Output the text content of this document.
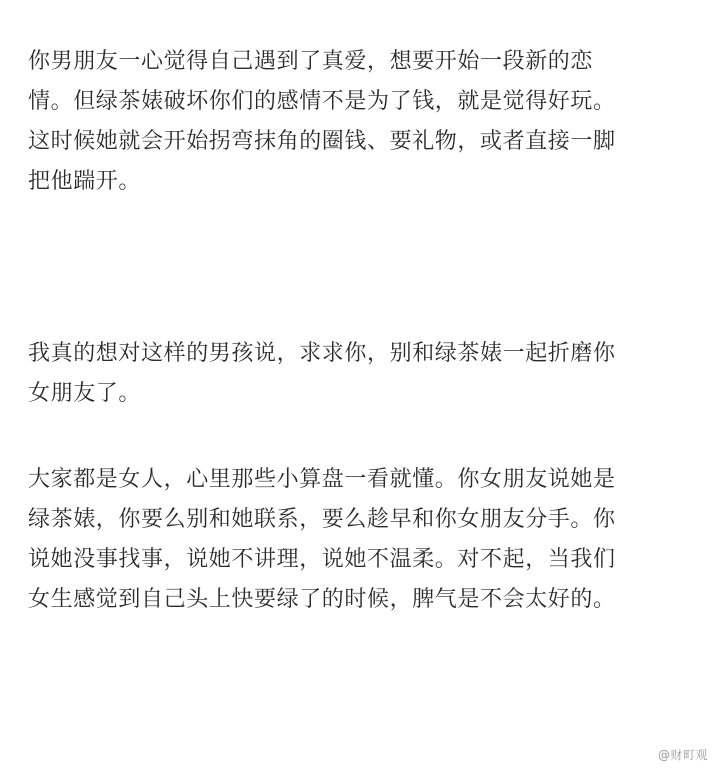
你男朋友一心觉得自己遇到了真爱，想要开始一段新的恋
情。但绿茶婊破坏你们的感情不是为了钱，就是觉得好玩。
这时候她就会开始拐弯抹角的圈钱、要礼物，或者直接一脚
把他踹开。
我真的想对这样的男孩说，求求你，别和绿茶婊一起折磨你
女朋友了。
大家都是女人，心里那些小算盘一看就懂。你女朋友说她是
绿茶婊，你要么别和她联系，要么趁早和你女朋友分手。你
说她没事找事，说她不讲理，说她不温柔。对不起，当我们
女生感觉到自己头上快要绿了的时候，脾气是不会太好的。
@财町观
